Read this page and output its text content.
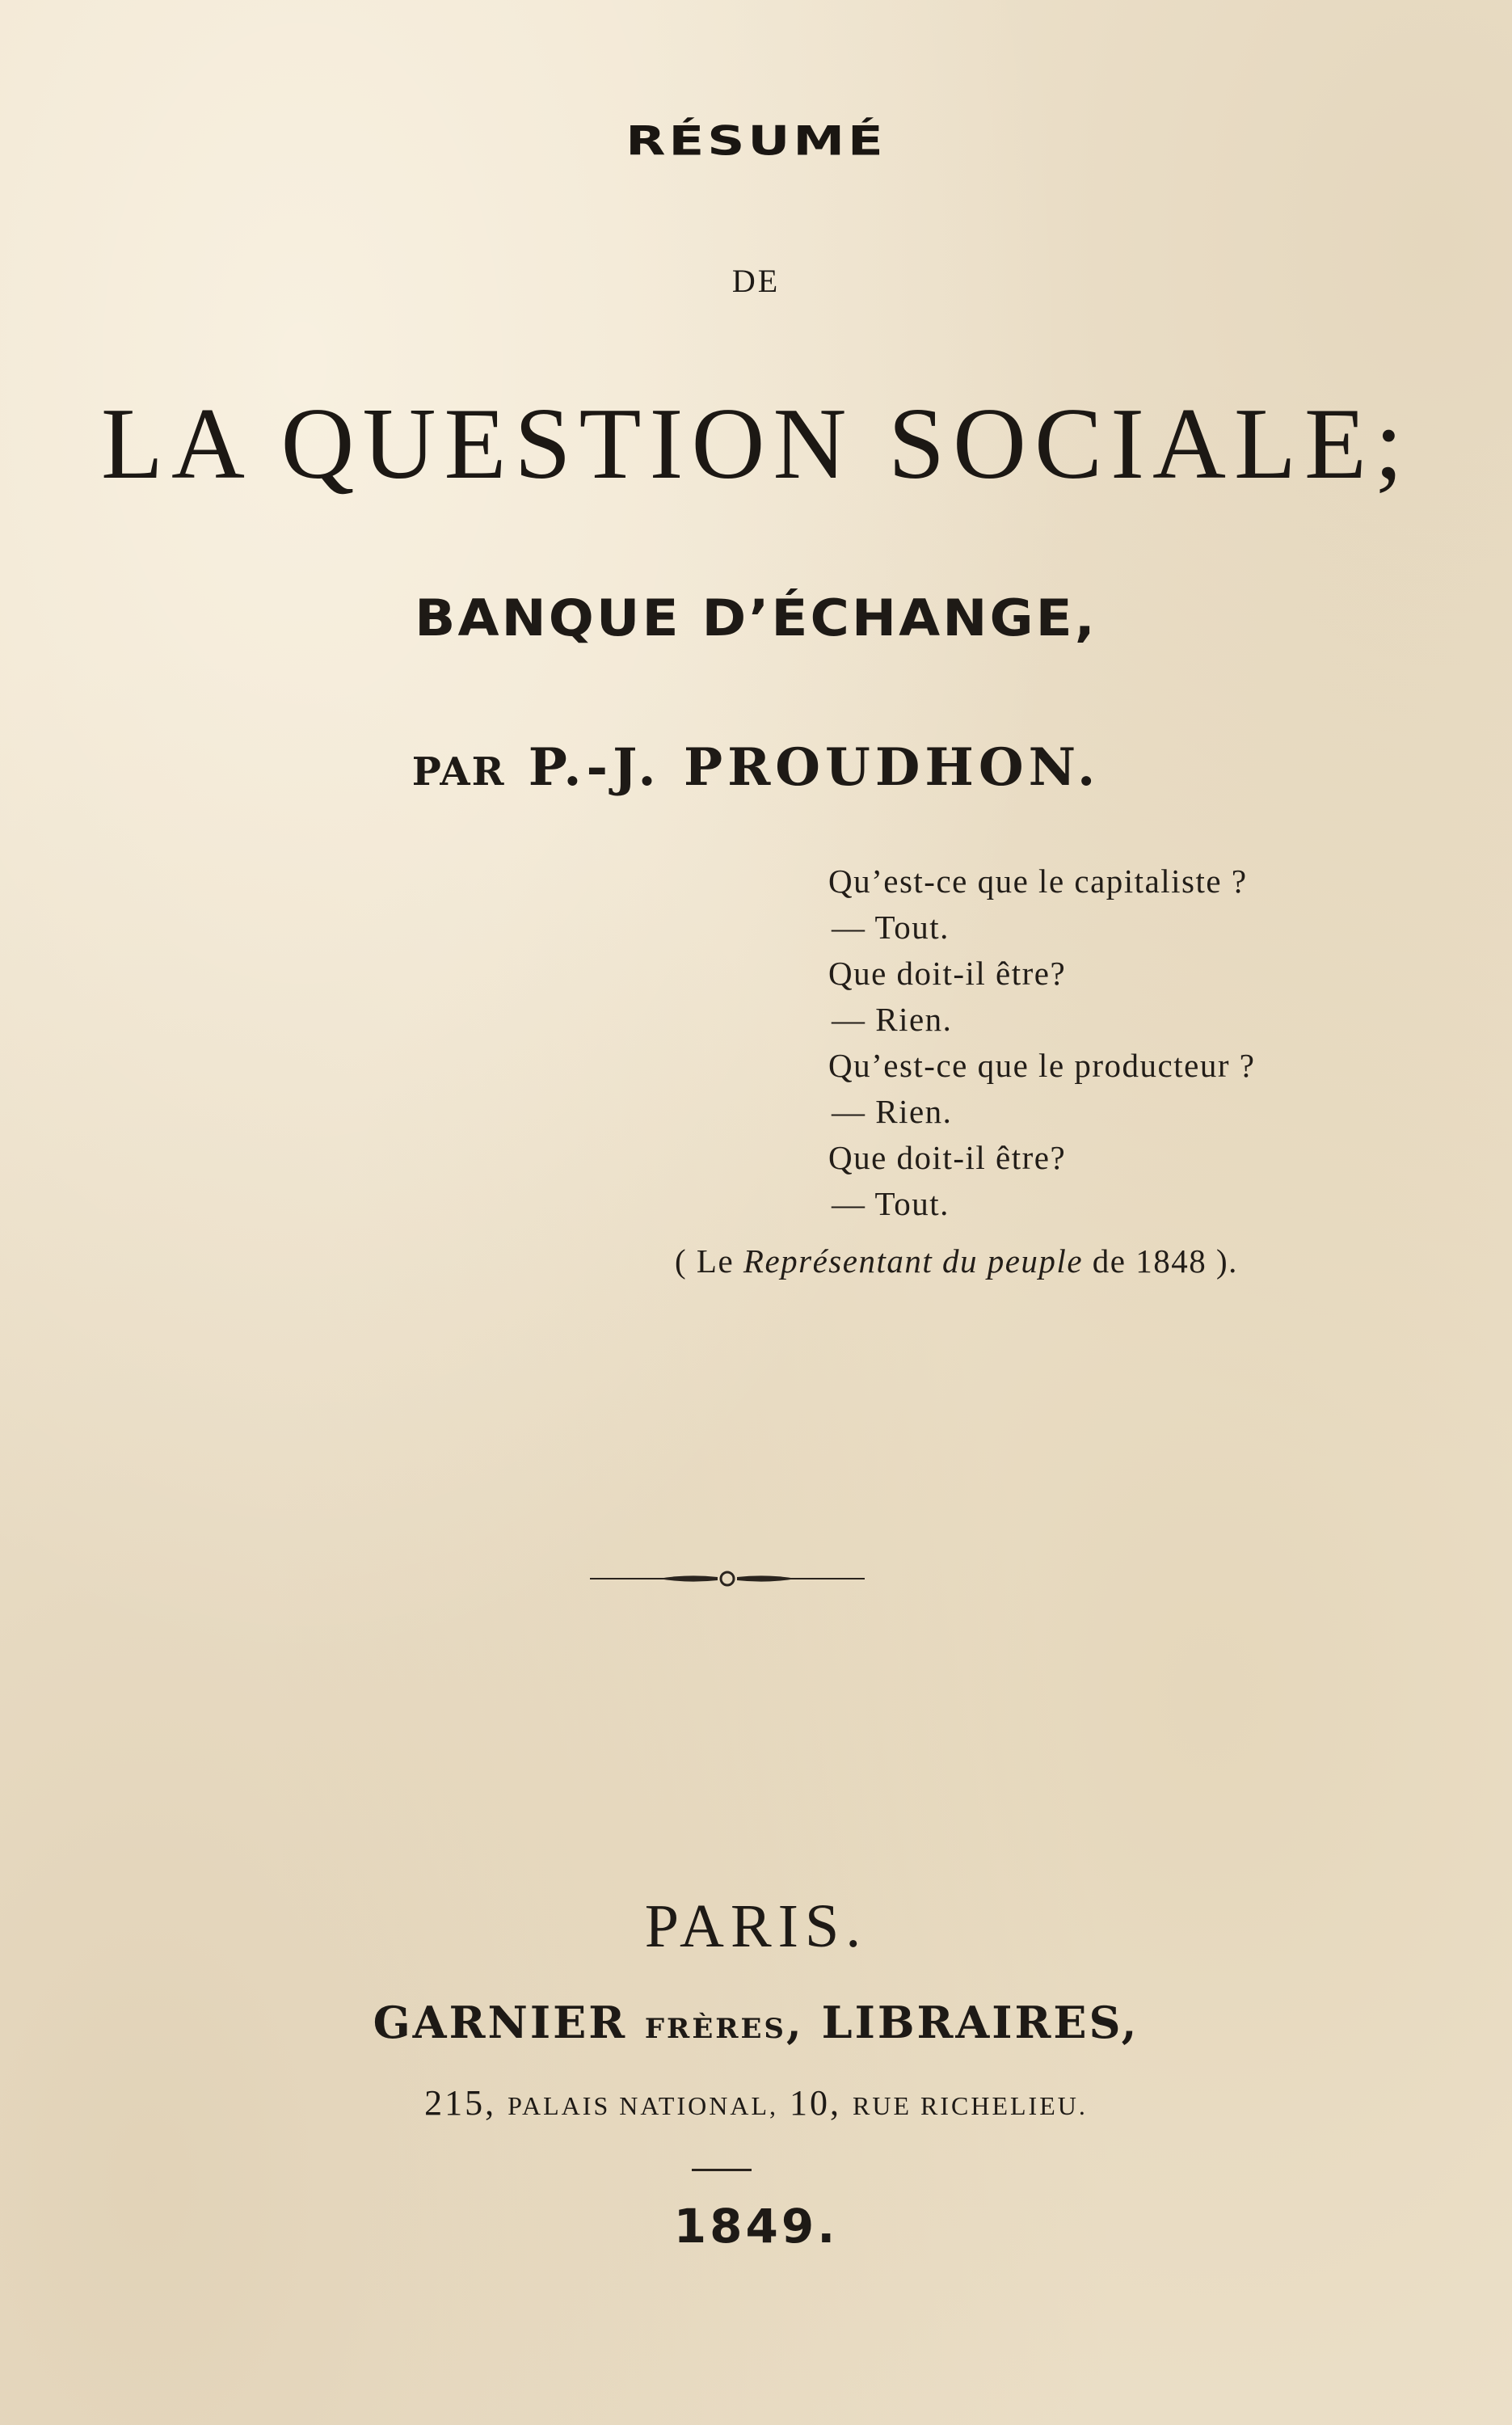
RÉSUMÉ
DE
LA QUESTION SOCIALE;
BANQUE D’ÉCHANGE,
PAR P.-J. PROUDHON.
Qu’est-ce que le capitaliste ?
— Tout.
Que doit-il être?
— Rien.
Qu’est-ce que le producteur ?
— Rien.
Que doit-il être?
— Tout.
( Le Représentant du peuple de 1848 ).
PARIS.
GARNIER FRÈRES, LIBRAIRES,
215, PALAIS NATIONAL, 10, RUE RICHELIEU.
1849.
